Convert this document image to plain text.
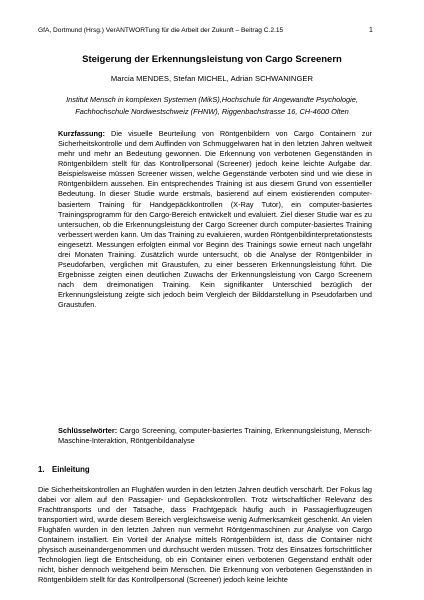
GfA, Dortmund (Hrsg.) VerANTWORTung für die Arbeit der Zukunft – Beitrag C.2.15	1
Steigerung der Erkennungsleistung von Cargo Screenern
Marcia MENDES, Stefan MICHEL, Adrian SCHWANINGER
Institut Mensch in komplexen Systemen (MikS),Hochschule für Angewandte Psychologie, Fachhochschule Nordwestschweiz (FHNW), Riggenbachstrasse 16, CH-4600 Olten
Kurzfassung: Die visuelle Beurteilung von Röntgenbildern von Cargo Containern zur Sicherheitskontrolle und dem Auffinden von Schmuggelwaren hat in den letzten Jahren weltweit mehr und mehr an Bedeutung gewonnen. Die Erkennung von verbotenen Gegenständen in Röntgenbildern stellt für das Kontrollpersonal (Screener) jedoch keine leichte Aufgabe dar. Beispielsweise müssen Screener wissen, welche Gegenstände verboten sind und wie diese in Röntgenbildern aussehen. Ein entsprechendes Training ist aus diesem Grund von essentieller Bedeutung. In dieser Studie wurde erstmals, basierend auf einem existierenden computer-basiertem Training für Handgepäckkontrollen (X-Ray Tutor), ein computer-basiertes Trainingsprogramm für den Cargo-Bereich entwickelt und evaluiert. Ziel dieser Studie war es zu untersuchen, ob die Erkennungsleistung der Cargo Screener durch computer-basiertes Training verbessert werden kann. Um das Training zu evaluieren, wurden Röntgenbildinterpretationstests eingesetzt. Messungen erfolgten einmal vor Beginn des Trainings sowie erneut nach ungefähr drei Monaten Training. Zusätzlich wurde untersucht, ob die Analyse der Röntgenbilder in Pseudofarben, verglichen mit Graustufen, zu einer besseren Erkennungsleistung führt. Die Ergebnisse zeigten einen deutlichen Zuwachs der Erkennungsleistung von Cargo Screenern nach dem dreimonatigen Training. Kein signifikanter Unterschied bezüglich der Erkennungsleistung zeigte sich jedoch beim Vergleich der Bilddarstellung in Pseudofarben und Graustufen.
Schlüsselwörter: Cargo Screening, computer-basiertes Training, Erkennungsleistung, Mensch-Maschine-Interaktion, Röntgenbildanalyse
1. Einleitung
Die Sicherheitskontrollen an Flughäfen wurden in den letzten Jahren deutlich verschärft. Der Fokus lag dabei vor allem auf den Passagier- und Gepäckskontrollen. Trotz wirtschaftlicher Relevanz des Frachttransports und der Tatsache, dass Frachtgepäck häufig auch in Passagierflugzeugen transportiert wird, wurde diesem Bereich vergleichsweise wenig Aufmerksamkeit geschenkt. An vielen Flughäfen wurden in den letzten Jahren nun vermehrt Röntgenmaschinen zur Analyse von Cargo Containern installiert. Ein Vorteil der Analyse mittels Röntgenbildern ist, dass die Container nicht physisch auseinandergenommen und durchsucht werden müssen. Trotz des Einsatzes fortschrittlicher Technologien liegt die Entscheidung, ob ein Container einen verbotenen Gegenstand enthält oder nicht, bisher dennoch weitgehend beim Menschen. Die Erkennung von verbotenen Gegenständen in Röntgenbildern stellt für das Kontrollpersonal (Screener) jedoch keine leichte
